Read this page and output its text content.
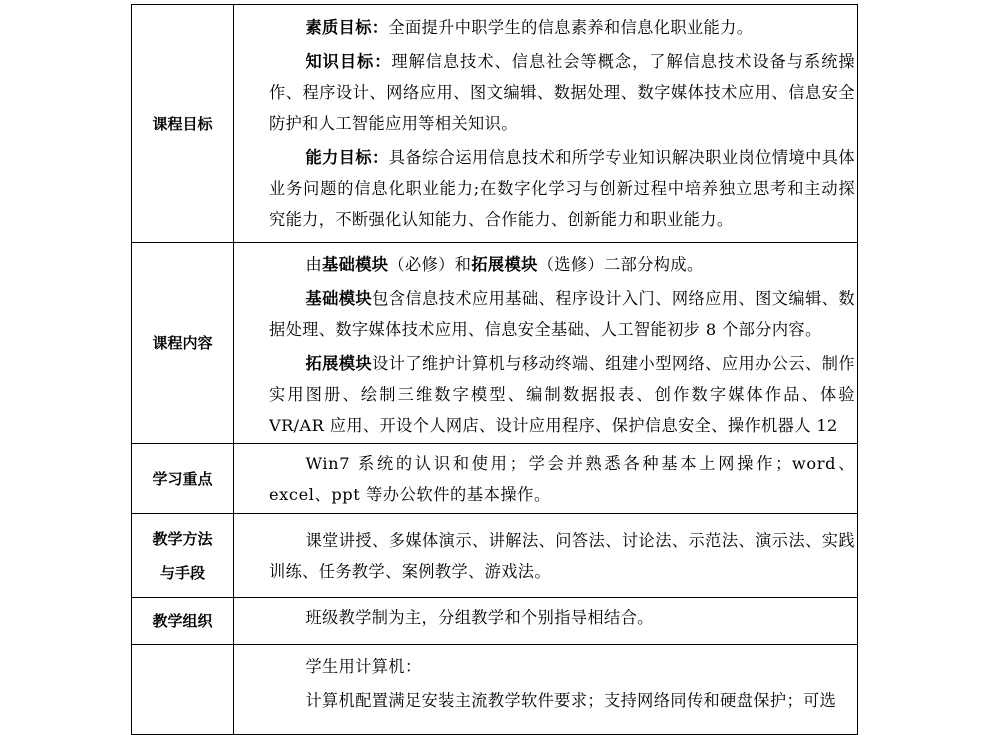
课程目标	素质目标：全面提升中职学生的信息素养和信息化职业能力。

知识目标：理解信息技术、信息社会等概念，了解信息技术设备与系统操作、程序设计、网络应用、图文编辑、数据处理、数字媒体技术应用、信息安全防护和人工智能应用等相关知识。

能力目标：具备综合运用信息技术和所学专业知识解决职业岗位情境中具体业务问题的信息化职业能力;在数字化学习与创新过程中培养独立思考和主动探究能力，不断强化认知能力、合作能力、创新能力和职业能力。

课程内容	由基础模块（必修）和拓展模块（选修）二部分构成。

基础模块包含信息技术应用基础、程序设计入门、网络应用、图文编辑、数据处理、数字媒体技术应用、信息安全基础、人工智能初步 8 个部分内容。

拓展模块设计了维护计算机与移动终端、组建小型网络、应用办公云、制作实用图册、绘制三维数字模型、编制数据报表、创作数字媒体作品、体验 VR/AR 应用、开设个人网店、设计应用程序、保护信息安全、操作机器人 12

学习重点	Win7 系统的认识和使用；学会并熟悉各种基本上网操作；word、excel、ppt 等办公软件的基本操作。

教学方法
与手段	课堂讲授、多媒体演示、讲解法、问答法、讨论法、示范法、演示法、实践训练、任务教学、案例教学、游戏法。

教学组织	班级教学制为主，分组教学和个别指导相结合。

	学生用计算机：

计算机配置满足安装主流教学软件要求；支持网络同传和硬盘保护；可选
